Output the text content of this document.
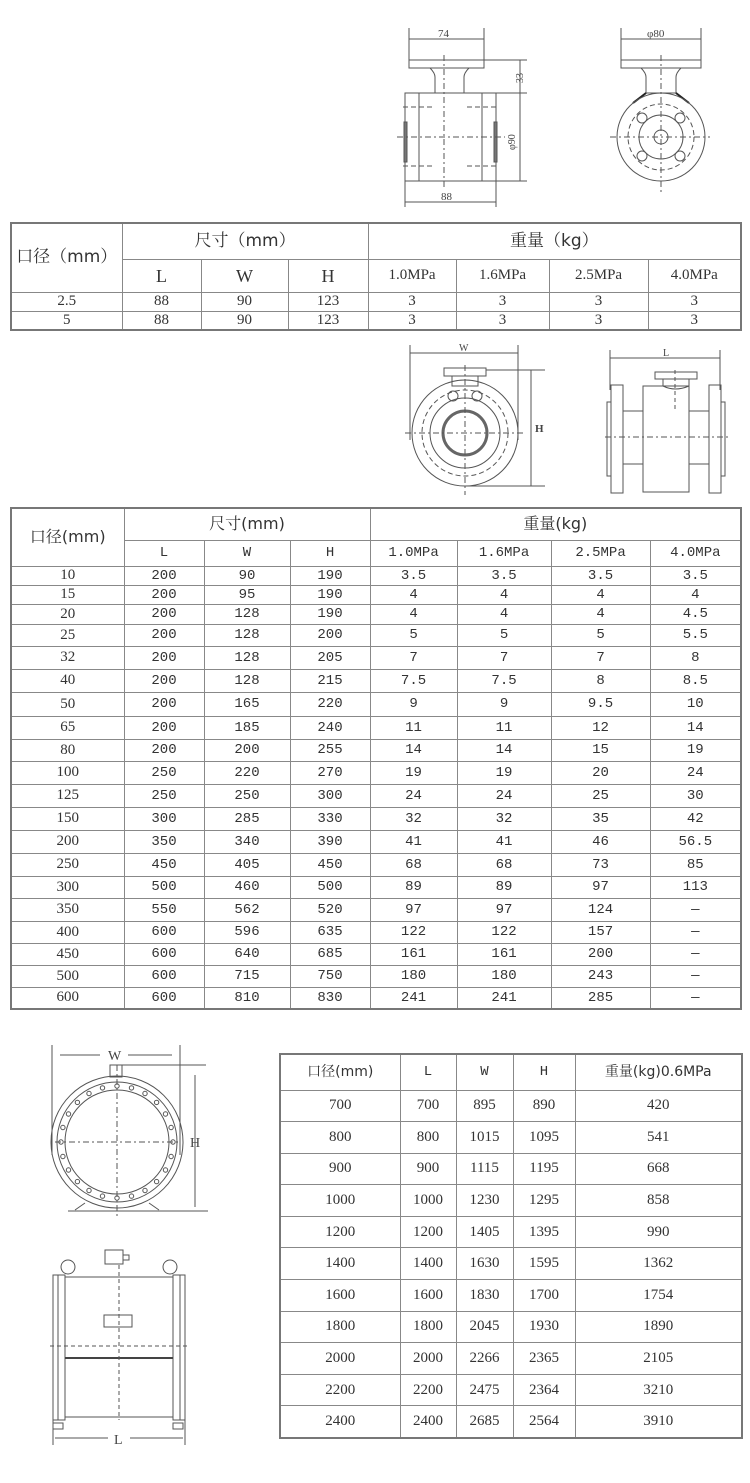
74
33
φ90
88
φ80
口径（mm）	尺寸（mm）			重量（kg）			
	L	W	H	1.0MPa	1.6MPa	2.5MPa	4.0MPa
2.5	88	90	123	3	3	3	3
5	88	90	123	3	3	3	3
W
H
L
口径(mm)	尺寸(mm)			重量(kg)			
	L	W	H	1.0MPa	1.6MPa	2.5MPa	4.0MPa
10	200	90	190	3.5	3.5	3.5	3.5
15	200	95	190	4	4	4	4
20	200	128	190	4	4	4	4.5
25	200	128	200	5	5	5	5.5
32	200	128	205	7	7	7	8
40	200	128	215	7.5	7.5	8	8.5
50	200	165	220	9	9	9.5	10
65	200	185	240	11	11	12	14
80	200	200	255	14	14	15	19
100	250	220	270	19	19	20	24
125	250	250	300	24	24	25	30
150	300	285	330	32	32	35	42
200	350	340	390	41	41	46	56.5
250	450	405	450	68	68	73	85
300	500	460	500	89	89	97	113
350	550	562	520	97	97	124	—
400	600	596	635	122	122	157	—
450	600	640	685	161	161	200	—
500	600	715	750	180	180	243	—
600	600	810	830	241	241	285	—
W
H
L
口径(mm)	L	W	H	重量(kg)0.6MPa
700	700	895	890	420
800	800	1015	1095	541
900	900	1115	1195	668
1000	1000	1230	1295	858
1200	1200	1405	1395	990
1400	1400	1630	1595	1362
1600	1600	1830	1700	1754
1800	1800	2045	1930	1890
2000	2000	2266	2365	2105
2200	2200	2475	2364	3210
2400	2400	2685	2564	3910
